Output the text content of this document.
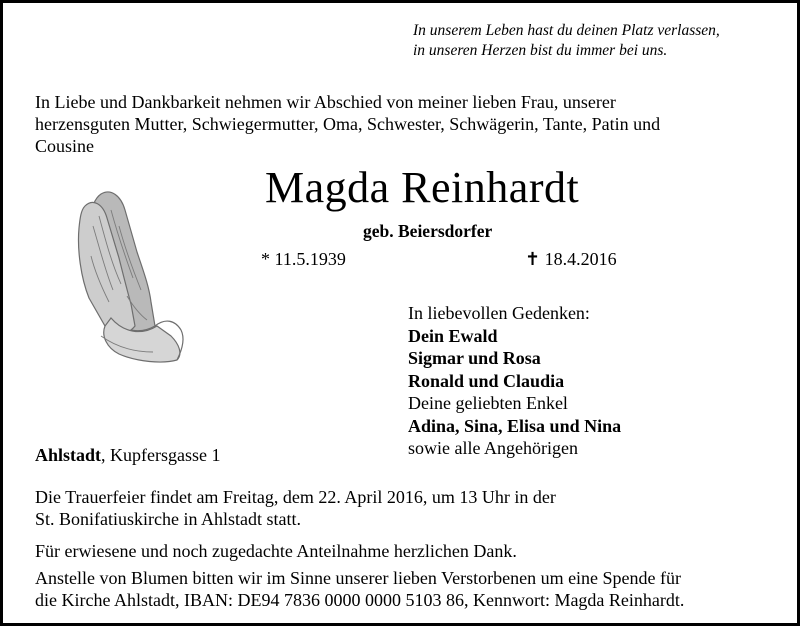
In unserem Leben hast du deinen Platz verlassen,
in unseren Herzen bist du immer bei uns.
In Liebe und Dankbarkeit nehmen wir Abschied von meiner lieben Frau, unserer
herzensguten Mutter, Schwiegermutter, Oma, Schwester, Schwägerin, Tante, Patin und
Cousine
Magda Reinhardt
geb. Beiersdorfer
* 11.5.1939	✝ 18.4.2016
In liebevollen Gedenken:
Dein Ewald
Sigmar und Rosa
Ronald und Claudia
Deine geliebten Enkel
Adina, Sina, Elisa und Nina
sowie alle Angehörigen
Ahlstadt, Kupfersgasse 1
Die Trauerfeier findet am Freitag, dem 22. April 2016, um 13 Uhr in der
St. Bonifatiuskirche in Ahlstadt statt.
Für erwiesene und noch zugedachte Anteilnahme herzlichen Dank.
Anstelle von Blumen bitten wir im Sinne unserer lieben Verstorbenen um eine Spende für
die Kirche Ahlstadt, IBAN: DE94 7836 0000 0000 5103 86, Kennwort: Magda Reinhardt.
